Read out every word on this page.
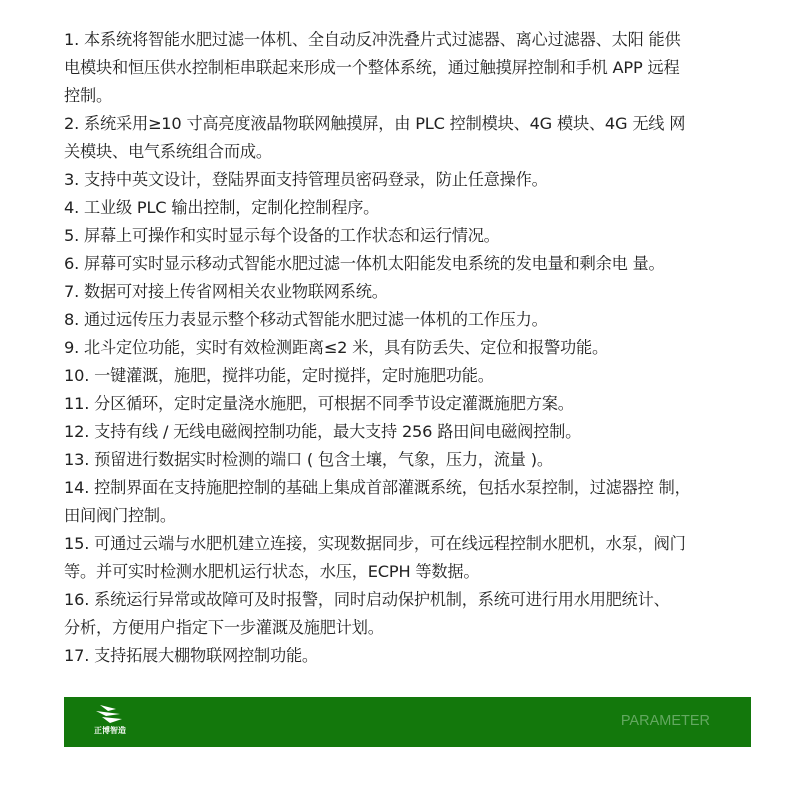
1. 本系统将智能水肥过滤一体机、全自动反冲洗叠片式过滤器、离心过滤器、太阳 能供
电模块和恒压供水控制柜串联起来形成一个整体系统，通过触摸屏控制和手机 APP 远程
控制。
2. 系统采用≥10 寸高亮度液晶物联网触摸屏，由 PLC 控制模块、4G 模块、4G 无线 网
关模块、电气系统组合而成。
3. 支持中英文设计，登陆界面支持管理员密码登录，防止任意操作。
4. 工业级 PLC 输出控制，定制化控制程序。
5. 屏幕上可操作和实时显示每个设备的工作状态和运行情况。
6. 屏幕可实时显示移动式智能水肥过滤一体机太阳能发电系统的发电量和剩余电 量。
7. 数据可对接上传省网相关农业物联网系统。
8. 通过远传压力表显示整个移动式智能水肥过滤一体机的工作压力。
9. 北斗定位功能，实时有效检测距离≤2 米，具有防丢失、定位和报警功能。
10. 一键灌溉，施肥，搅拌功能，定时搅拌，定时施肥功能。
11. 分区循环，定时定量浇水施肥，可根据不同季节设定灌溉施肥方案。
12. 支持有线 / 无线电磁阀控制功能，最大支持 256 路田间电磁阀控制。
13. 预留进行数据实时检测的端口 ( 包含土壤，气象，压力，流量 )。
14. 控制界面在支持施肥控制的基础上集成首部灌溉系统，包括水泵控制，过滤器控 制，
田间阀门控制。
15. 可通过云端与水肥机建立连接，实现数据同步，可在线远程控制水肥机，水泵，阀门
等。并可实时检测水肥机运行状态，水压，ECPH 等数据。
16. 系统运行异常或故障可及时报警，同时启动保护机制，系统可进行用水用肥统计、
分析，方便用户指定下一步灌溉及施肥计划。
17. 支持拓展大棚物联网控制功能。
正博智造
PARAMETER
